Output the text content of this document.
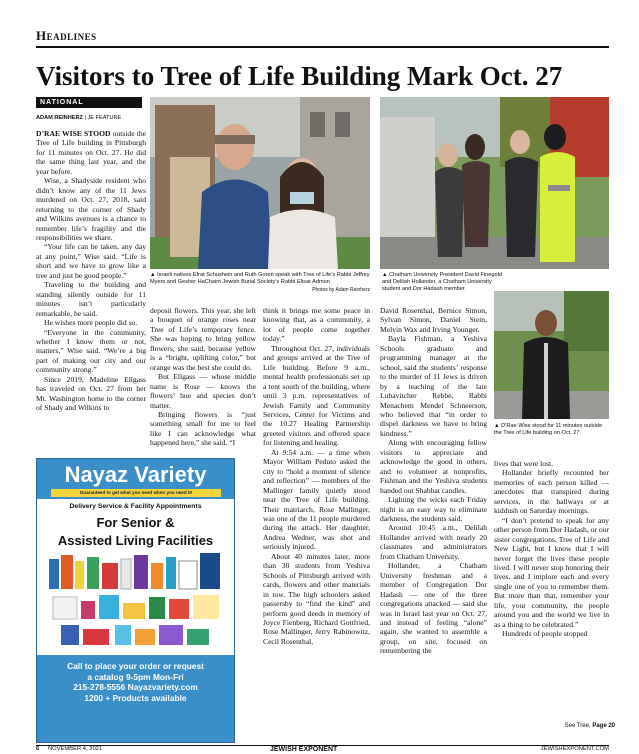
Headlines
Visitors to Tree of Life Building Mark Oct. 27
NATIONAL
ADAM REINHERZ | JE FEATURE

D’RAE WISE STOOD outside the Tree of Life building in Pittsburgh for 11 minutes on Oct. 27. He did the same thing last year, and the year before.

Wise, a Shadyside resident who didn’t know any of the 11 Jews murdered on Oct. 27, 2018, said returning to the corner of Shady and Wilkins avenues is a chance to remember life’s fragility and the responsibilities we share.

“Your life can be taken, any day at any point,” Wise said. “Life is short and we have to grow like a tree and just be good people.”

Traveling to the building and standing silently outside for 11 minutes isn’t particularly remarkable, he said.

He wishes more people did so.

“Everyone in the community, whether I know them or not, matters,” Wise said. “We’re a big part of making our city and our community strong.”

Since 2019, Madeline Ellgass has traveled on Oct. 27 from her Mt. Washington home to the corner of Shady and Wilkins to

▲ Israeli natives Efrat Schushein and Ruth Goren speak with Tree of Life’s Rabbi Jeffrey Myers and Gesher HaChaim Jewish Burial Society’s Rabbi Elisar Admon
Photos by Adam Reinherz
▲ Chatham University President David Finegold and Delilah Hollander, a Chatham University student and Dor Hadash member.

deposit flowers. This year, she left a bouquet of orange roses near Tree of Life’s temporary fence. She was hoping to bring yellow flowers, she said, because yellow is a “bright, uplifting color,” but orange was the best she could do.

But Ellgass — whose middle name is Rose — knows the flowers’ hue and species don’t matter.

Bringing flowers is “just something small for me to feel like I can acknowledge what happened here,” she said. “I

think it brings me some peace in knowing that, as a community, a lot of people come together today.”

Throughout Oct. 27, individuals and groups arrived at the Tree of Life building. Before 9 a.m., mental health professionals set up a tent south of the building, where until 3 p.m. representatives of Jewish Family and Community Services, Center for Victims and the 10.27 Healing Partnership greeted visitors and offered space for listening and healing.

At 9:54 a.m. — a time when Mayor William Peduto asked the city to “hold a moment of silence and reflection” — members of the Mallinger family quietly stood near the Tree of Life building. Their matriarch, Rose Mallinger, was one of the 11 people murdered during the attack. Her daughter, Andrea Wedner, was shot and seriously injured.

About 40 minutes later, more than 30 students from Yeshiva Schools of Pittsburgh arrived with cards, flowers and other materials in tow. The high schoolers asked passersby to “find the kind” and perform good deeds in memory of Joyce Fienberg, Richard Gottfried, Rose Mallinger, Jerry Rabinowitz, Cecil Rosenthal,

David Rosenthal, Bernice Simon, Sylvan Simon, Daniel Stein, Melvin Wax and Irving Younger.

Bayla Fishman, a Yeshiva Schools graduate and programming manager at the school, said the students’ response to the murder of 11 Jews is driven by a teaching of the late Lubavitcher Rebbe, Rabbi Menachem Mendel Schneerson, who believed that “in order to dispel darkness we have to bring kindness.”

Along with encouraging fellow visitors to appreciate and acknowledge the good in others, and to volunteer at nonprofits, Fishman and the Yeshiva students handed out Shabbat candles.

Lighting the wicks each Friday night is an easy way to eliminate darkness, the students said.

Around 10:45 a.m., Delilah Hollander arrived with nearly 20 classmates and administrators from Chatham University.

Hollander, a Chatham University freshman and a member of Congregation Dor Hadash — one of the three congregations attacked — said she was in Israel last year on Oct. 27, and instead of feeling “alone” again, she wanted to assemble a group, on site, focused on remembering the

▲ D’Rae Wise stood for 11 minutes outside the Tree of Life building on Oct. 27.

lives that were lost.

Hollander briefly recounted her memories of each person killed — anecdotes that transpired during services, in the hallways or at kiddush on Saturday mornings.

“I don’t pretend to speak for any other person from Dor Hadash, or our sister congregations, Tree of Life and New Light, but I know that I will never forget the lives these people lived. I will never stop honoring their lives, and I implore each and every single one of you to remember them. But more than that, remember your life, your community, the people around you and the world we live in as a thing to be celebrated.”

Hundreds of people stopped

See Tree, Page 20
Nayaz Variety
Guaranteed to get what you need when you need it!
Delivery Service & Facility Appointments
For Senior &
Assisted Living Facilities
Call to place your order or request
a catalog 9-5pm Mon-Fri
215-278-5556 Nayazvariety.com
1200 + Products available
6 NOVEMBER 4, 2021	JEWISH EXPONENT	JEWISHEXPONENT.COM
